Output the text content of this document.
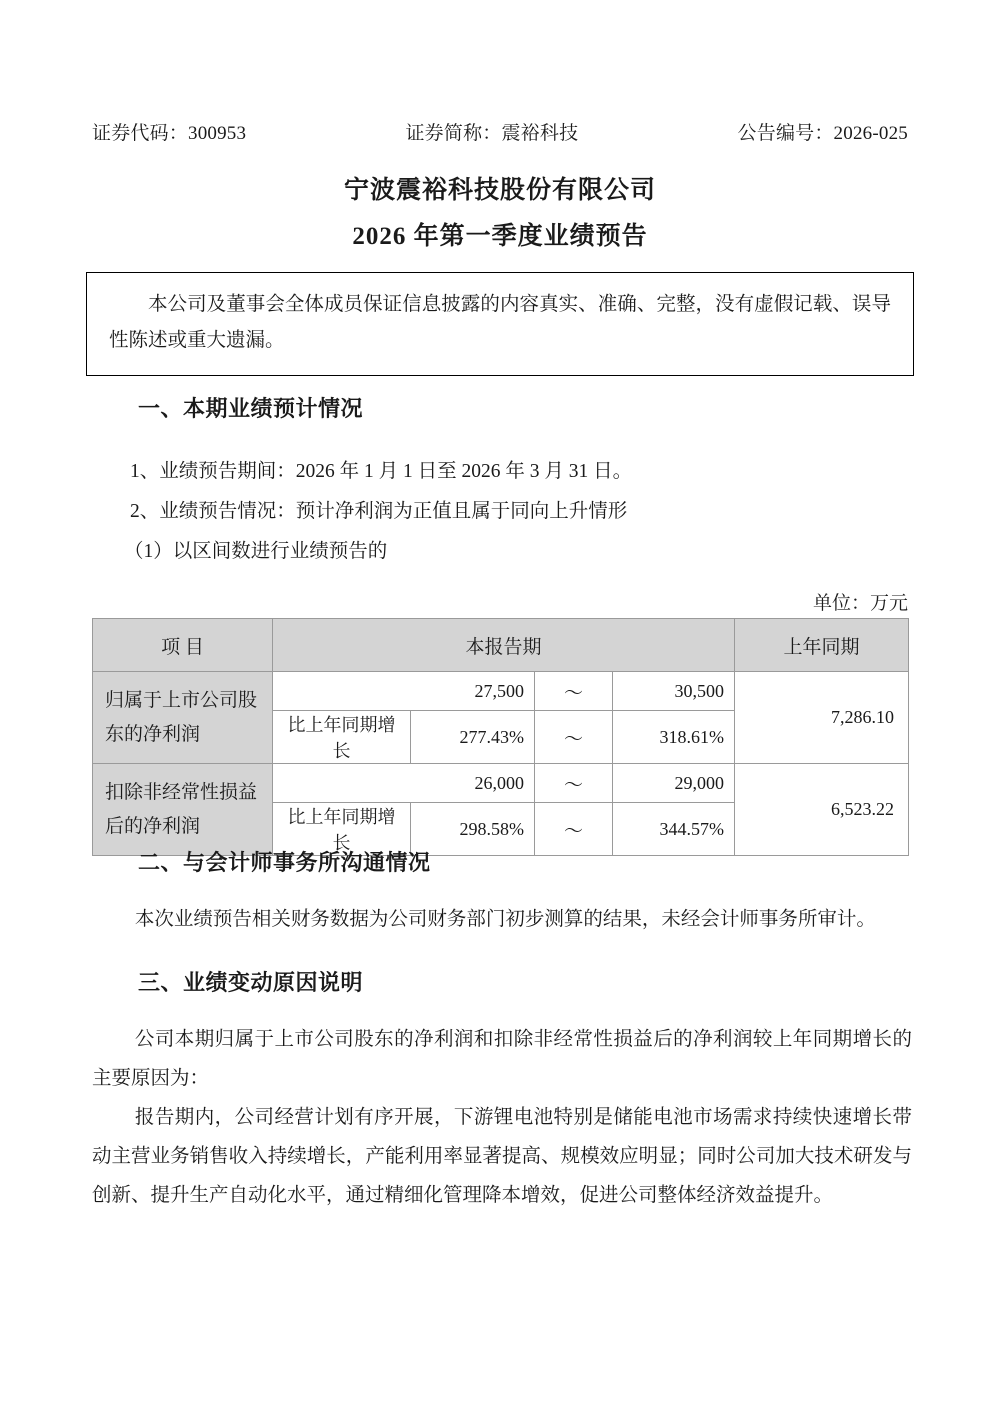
证券代码：300953	证券简称：震裕科技	公告编号：2026-025
宁波震裕科技股份有限公司
2026 年第一季度业绩预告

本公司及董事会全体成员保证信息披露的内容真实、准确、完整，没有虚假记载、误导性陈述或重大遗漏。

一、本期业绩预计情况

1、业绩预告期间：2026 年 1 月 1 日至 2026 年 3 月 31 日。

2、业绩预告情况：预计净利润为正值且属于同向上升情形

（1）以区间数进行业绩预告的

单位：万元
项 目	本报告期				上年同期
归属于上市公司股东的净利润	27,500		～	30,500	7,286.10
	比上年同期增长	277.43%	～	318.61%	
扣除非经常性损益后的净利润	26,000		～	29,000	6,523.22
	比上年同期增长	298.58%	～	344.57%	
二、与会计师事务所沟通情况

本次业绩预告相关财务数据为公司财务部门初步测算的结果，未经会计师事务所审计。

三、业绩变动原因说明

公司本期归属于上市公司股东的净利润和扣除非经常性损益后的净利润较上年同期增长的主要原因为：

报告期内，公司经营计划有序开展，下游锂电池特别是储能电池市场需求持续快速增长带动主营业务销售收入持续增长，产能利用率显著提高、规模效应明显；同时公司加大技术研发与创新、提升生产自动化水平，通过精细化管理降本增效，促进公司整体经济效益提升。
